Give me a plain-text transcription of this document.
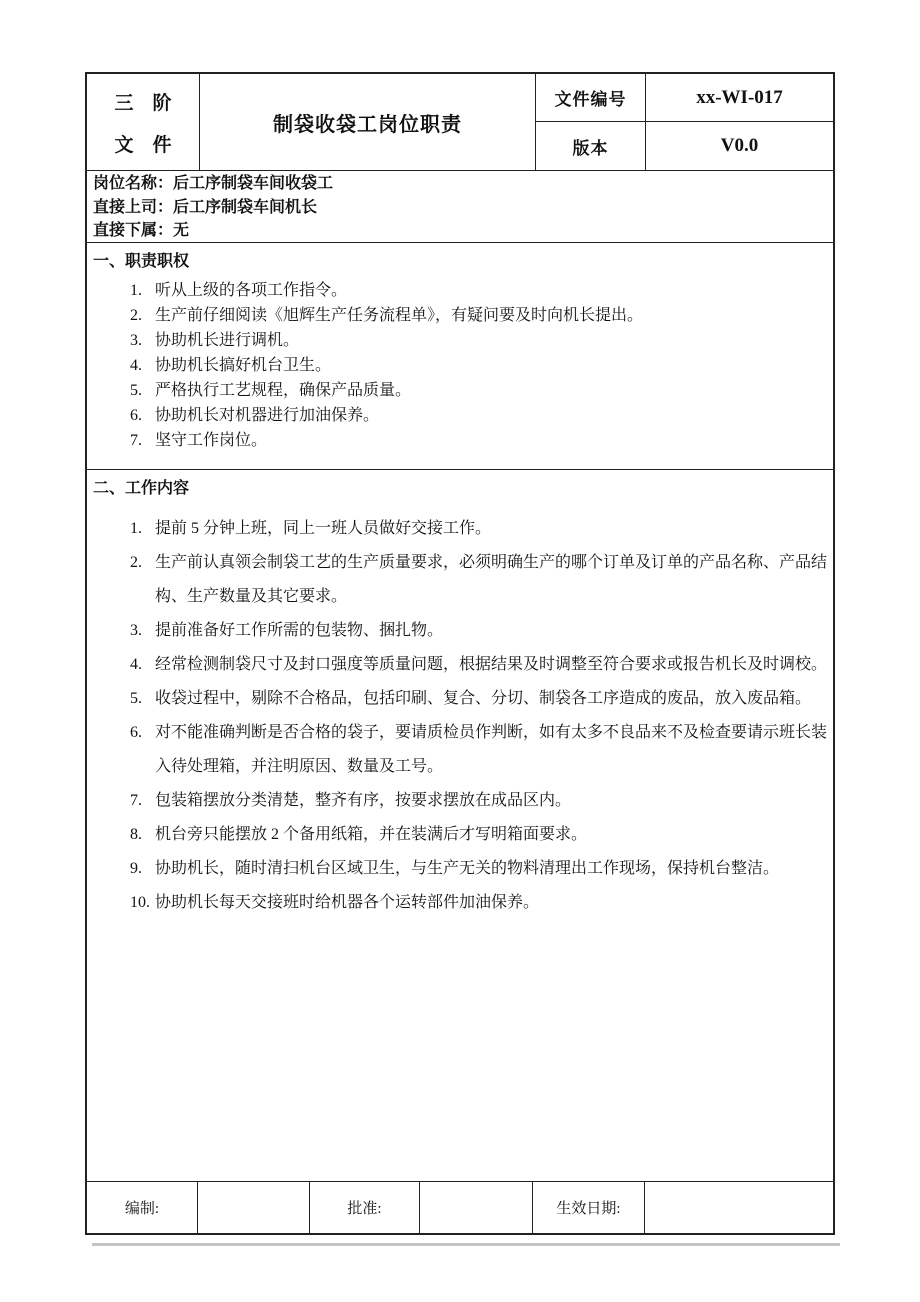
三　阶
文　件
制袋收袋工岗位职责
文件编号	xx-WI-017
版本	V0.0
岗位名称：后工序制袋车间收袋工
直接上司：后工序制袋车间机长
直接下属：无
一、职责职权
听从上级的各项工作指令。
生产前仔细阅读《旭辉生产任务流程单》，有疑问要及时向机长提出。
协助机长进行调机。
协助机长搞好机台卫生。
严格执行工艺规程，确保产品质量。
协助机长对机器进行加油保养。
坚守工作岗位。
二、工作内容
提前 5 分钟上班，同上一班人员做好交接工作。
生产前认真领会制袋工艺的生产质量要求，必须明确生产的哪个订单及订单的产品名称、产品结构、生产数量及其它要求。
提前准备好工作所需的包装物、捆扎物。
经常检测制袋尺寸及封口强度等质量问题，根据结果及时调整至符合要求或报告机长及时调校。
收袋过程中，剔除不合格品，包括印刷、复合、分切、制袋各工序造成的废品，放入废品箱。
对不能准确判断是否合格的袋子，要请质检员作判断，如有太多不良品来不及检查要请示班长装入待处理箱，并注明原因、数量及工号。
包装箱摆放分类清楚，整齐有序，按要求摆放在成品区内。
机台旁只能摆放 2 个备用纸箱，并在装满后才写明箱面要求。
协助机长，随时清扫机台区域卫生，与生产无关的物料清理出工作现场，保持机台整洁。
协助机长每天交接班时给机器各个运转部件加油保养。
编制:	批准:	生效日期:
